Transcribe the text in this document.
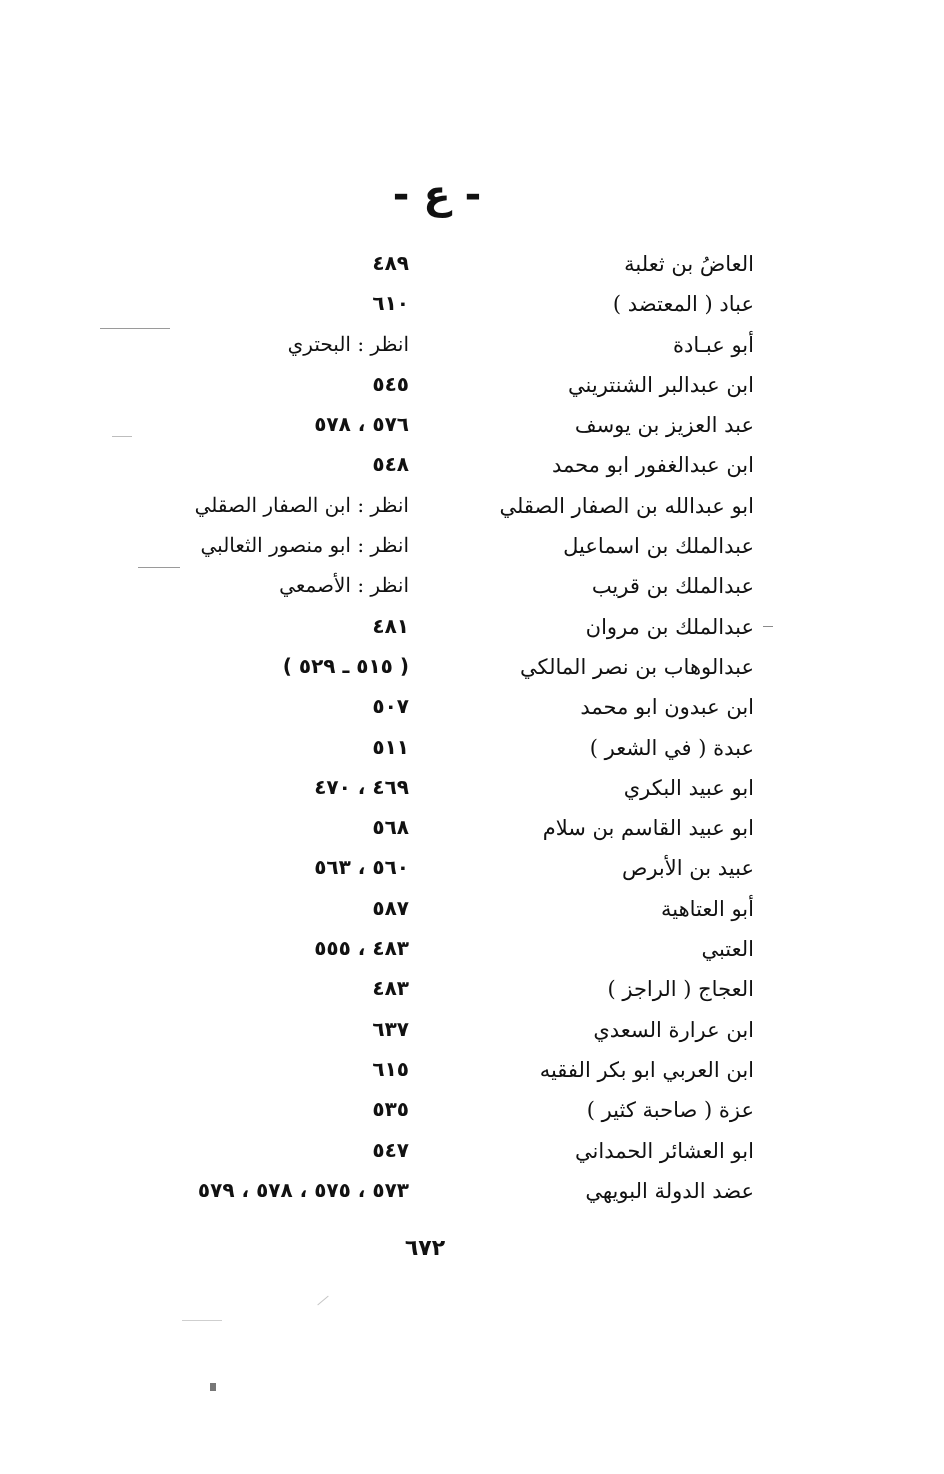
- ع -
العاضُ بن ثعلبة
٤٨٩
عباد ( المعتضد )
٦١٠
أبو عبـادة
انظر : البحتري
ابن عبدالبر الشنتريني
٥٤٥
عبد العزيز بن يوسف
٥٧٦ ، ٥٧٨
ابن عبدالغفور ابو محمد
٥٤٨
ابو عبدالله بن الصفار الصقلي
انظر : ابن الصفار الصقلي
عبدالملك بن اسماعيل
انظر : ابو منصور الثعالبي
عبدالملك بن قريب
انظر : الأصمعي
عبدالملك بن مروان
٤٨١
عبدالوهاب بن نصر المالكي
( ٥١٥ ـ ٥٢٩ )
ابن عبدون ابو محمد
٥٠٧
عبدة ( في الشعر )
٥١١
ابو عبيد البكري
٤٦٩ ، ٤٧٠
ابو عبيد القاسم بن سلام
٥٦٨
عبيد بن الأبرص
٥٦٠ ، ٥٦٣
أبو العتاهية
٥٨٧
العتبي
٤٨٣ ، ٥٥٥
العجاج ( الراجز )
٤٨٣
ابن عرارة السعدي
٦٣٧
ابن العربي ابو بكر الفقيه
٦١٥
عزة ( صاحبة كثير )
٥٣٥
ابو العشائر الحمداني
٥٤٧
عضد الدولة البويهي
٥٧٣ ، ٥٧٥ ، ٥٧٨ ، ٥٧٩
٦٧٢
